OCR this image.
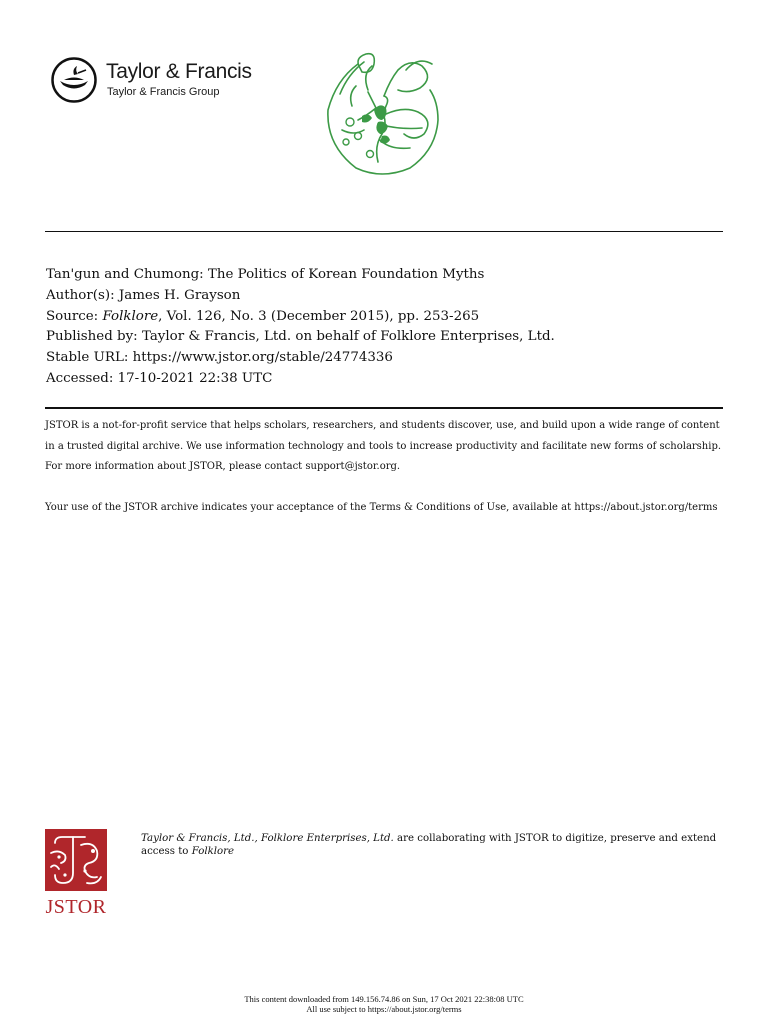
Taylor & Francis
Taylor & Francis Group
Tan'gun and Chumong: The Politics of Korean Foundation Myths
Author(s): James H. Grayson
Source: Folklore, Vol. 126, No. 3 (December 2015), pp. 253-265
Published by: Taylor & Francis, Ltd. on behalf of Folklore Enterprises, Ltd.
Stable URL: https://www.jstor.org/stable/24774336
Accessed: 17-10-2021 22:38 UTC

JSTOR is a not-for-profit service that helps scholars, researchers, and students discover, use, and build upon a wide range of content in a trusted digital archive. We use information technology and tools to increase productivity and facilitate new forms of scholarship. For more information about JSTOR, please contact support@jstor.org.

Your use of the JSTOR archive indicates your acceptance of the Terms & Conditions of Use, available at https://about.jstor.org/terms

JSTOR
Taylor & Francis, Ltd., Folklore Enterprises, Ltd. are collaborating with JSTOR to digitize, preserve and extend access to Folklore
This content downloaded from 149.156.74.86 on Sun, 17 Oct 2021 22:38:08 UTC
All use subject to https://about.jstor.org/terms
